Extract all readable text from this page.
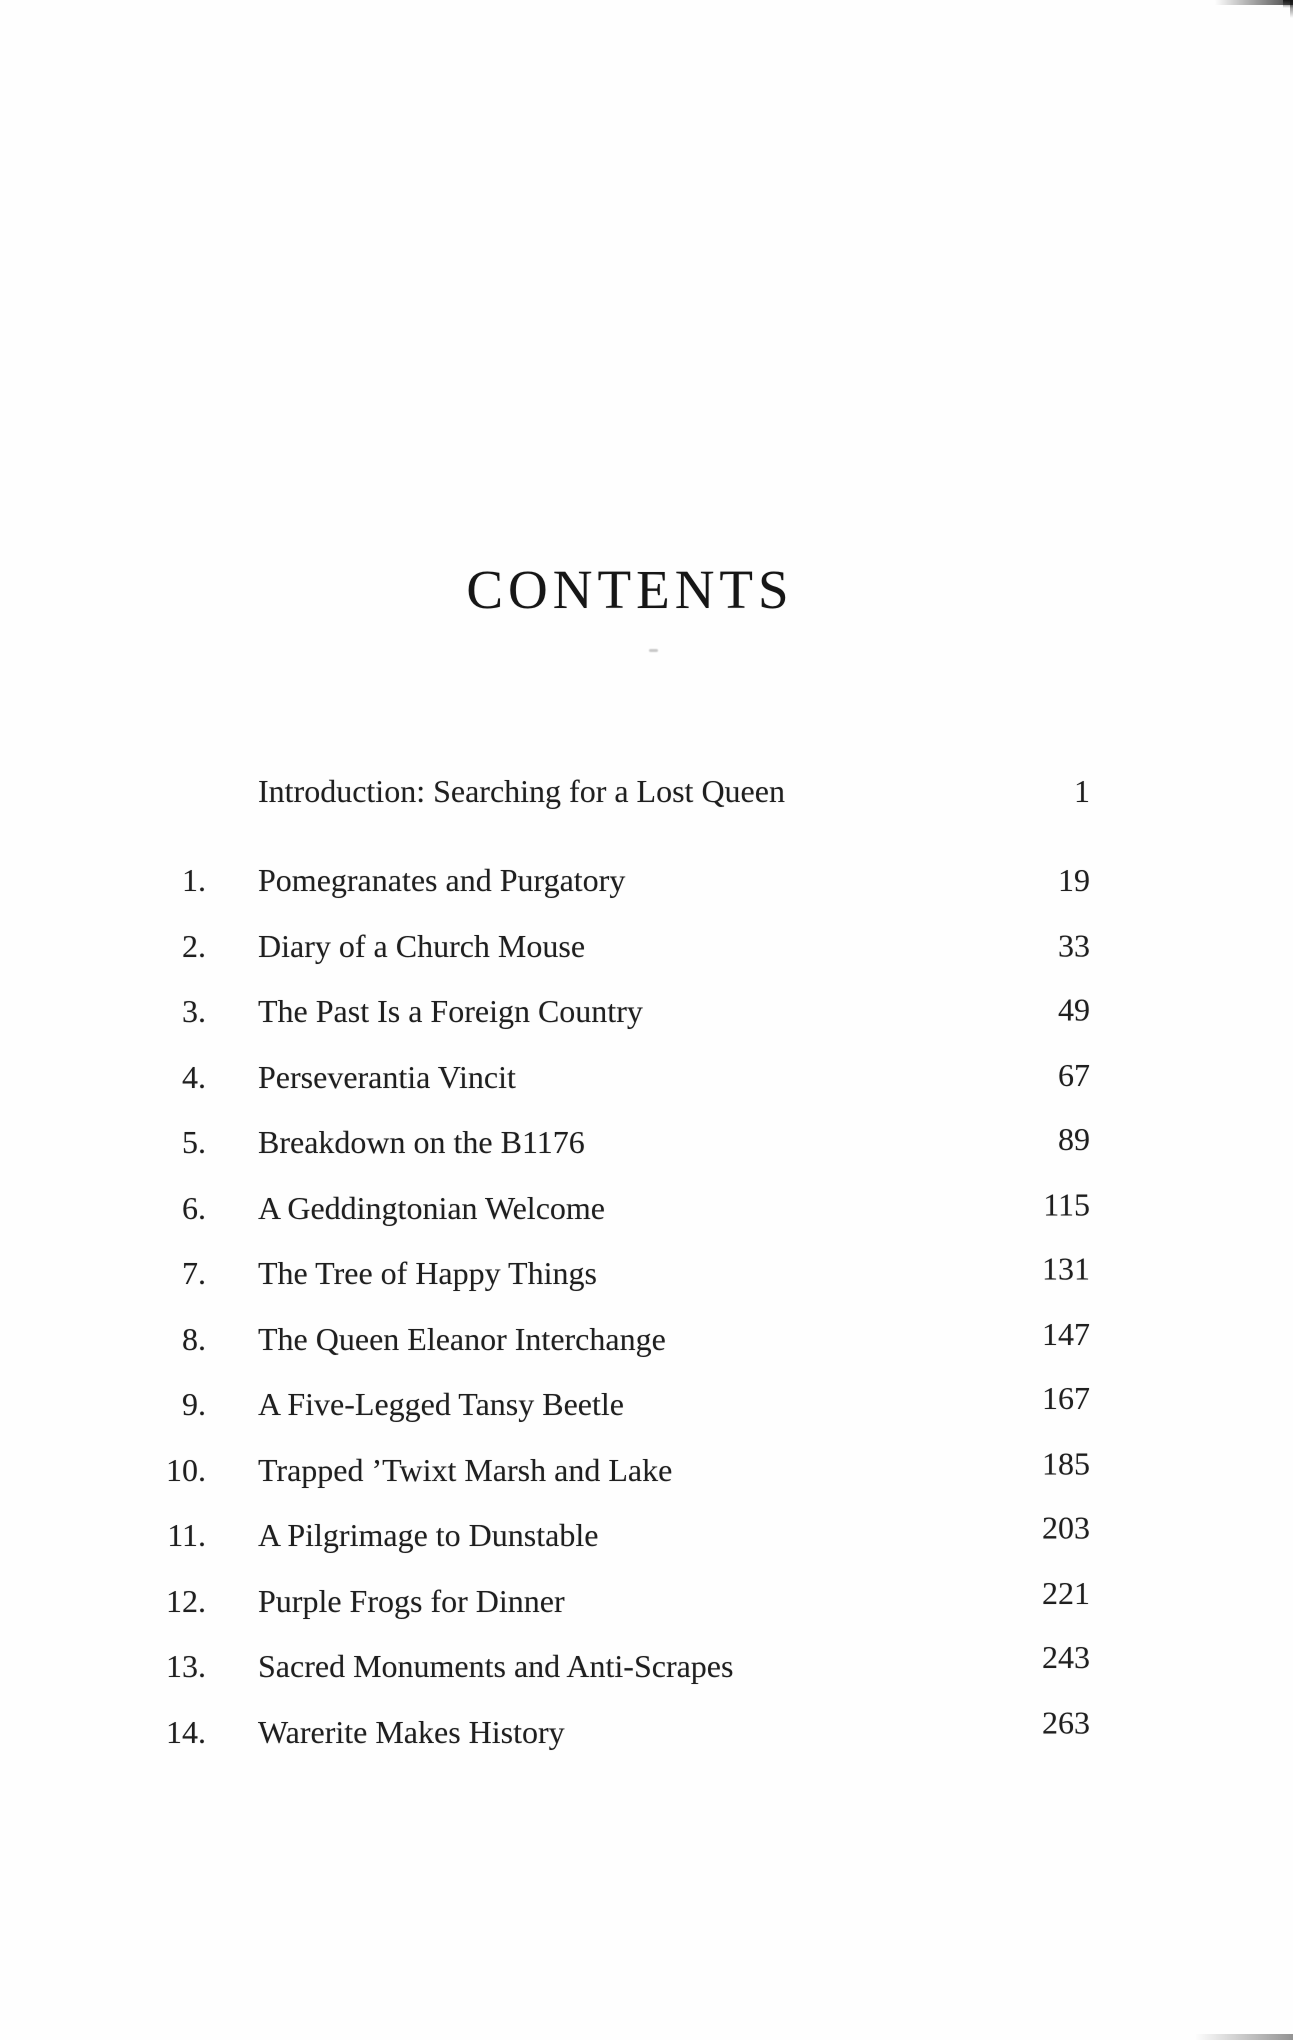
CONTENTS
Introduction: Searching for a Lost Queen	1
1. Pomegranates and Purgatory	19
2. Diary of a Church Mouse	33
3. The Past Is a Foreign Country	49
4. Perseverantia Vincit	67
5. Breakdown on the B1176	89
6. A Geddingtonian Welcome	115
7. The Tree of Happy Things	131
8. The Queen Eleanor Interchange	147
9. A Five-Legged Tansy Beetle	167
10. Trapped ’Twixt Marsh and Lake	185
11. A Pilgrimage to Dunstable	203
12. Purple Frogs for Dinner	221
13. Sacred Monuments and Anti-Scrapes	243
14. Warerite Makes History	263
